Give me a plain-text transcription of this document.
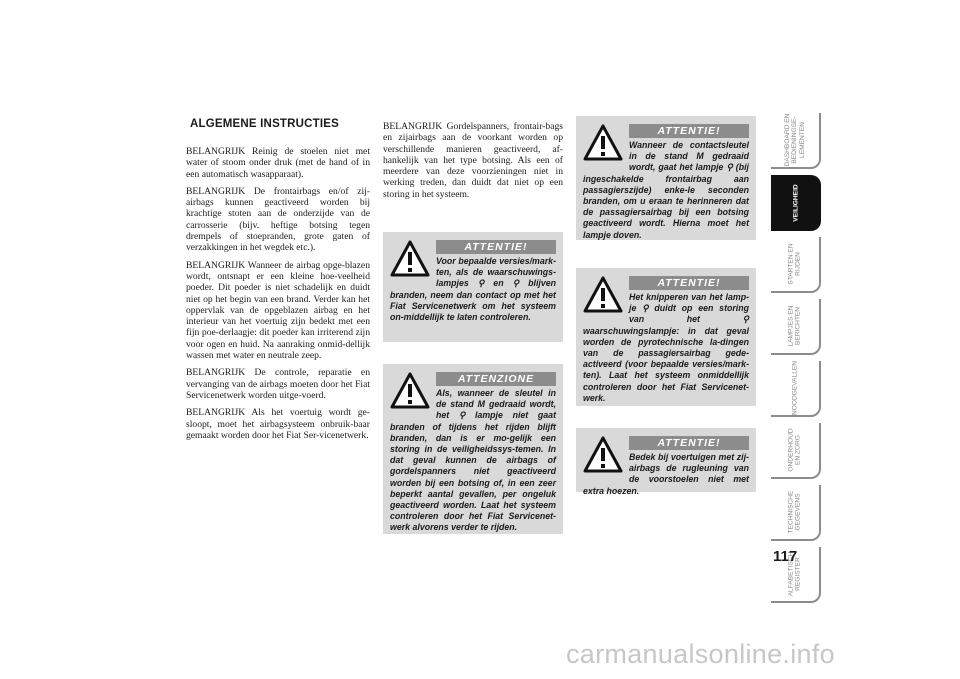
ALGEMENE INSTRUCTIES

BELANGRIJK Reinig de stoelen niet met water of stoom onder druk (met de hand of in een automatisch wasapparaat).

BELANGRIJK De frontairbags en/of zij-airbags kunnen geactiveerd worden bij krachtige stoten aan de onderzijde van de carrosserie (bijv. heftige botsing tegen drempels of stoepranden, grote gaten of verzakkingen in het wegdek etc.).

BELANGRIJK Wanneer de airbag opge-blazen wordt, ontsnapt er een kleine hoe-veelheid poeder. Dit poeder is niet schadelijk en duidt niet op het begin van een brand. Verder kan het oppervlak van de opgeblazen airbag en het interieur van het voertuig zijn bedekt met een fijn poe-derlaagje: dit poeder kan irriterend zijn voor ogen en huid. Na aanraking onmid-dellijk wassen met water en neutrale zeep.

BELANGRIJK De controle, reparatie en vervanging van de airbags moeten door het Fiat Servicenetwerk worden uitge-voerd.

BELANGRIJK Als het voertuig wordt ge-sloopt, moet het airbagsysteem onbruik-baar gemaakt worden door het Fiat Ser-vicenetwerk.

BELANGRIJK Gordelspanners, frontair-bags en zijairbags aan de voorkant worden op verschillende manieren geactiveerd, af-hankelijk van het type botsing. Als een of meerdere van deze voorzieningen niet in werking treden, dan duidt dat niet op een storing in het systeem.

ATTENTIE!
Voor bepaalde versies/mark-ten, als de waarschuwings-lampjes ⚲ en ⚲ blijven branden, neem dan contact op met het Fiat Servicenetwerk om het systeem on-middellijk te laten controleren.
ATTENZIONE
Als, wanneer de sleutel in de stand M gedraaid wordt, het ⚲ lampje niet gaat branden of tijdens het rijden blijft branden, dan is er mo-gelijk een storing in de veiligheidssys-temen. In dat geval kunnen de airbags of gordelspanners niet geactiveerd worden bij een botsing of, in een zeer beperkt aantal gevallen, per ongeluk geactiveerd worden. Laat het systeem controleren door het Fiat Servicenet-werk alvorens verder te rijden.
ATTENTIE!
Wanneer de contactsleutel in de stand M gedraaid wordt, gaat het lampje ⚲ (bij ingeschakelde frontairbag aan passagierszijde) enke-le seconden branden, om u eraan te herinneren dat de passagiersairbag bij een botsing geactiveerd wordt. Hierna moet het lampje doven.
ATTENTIE!
Het knipperen van het lamp-je ⚲ duidt op een storing van het ⚲ waarschuwingslampje: in dat geval worden de pyrotechnische la-dingen van de passagiersairbag gede-activeerd (voor bepaalde versies/mark-ten). Laat het systeem onmiddellijk controleren door het Fiat Servicenet-werk.
ATTENTIE!
Bedek bij voertuigen met zij-airbags de rugleuning van de voorstoelen niet met extra hoezen.
DASHBOARD EN
BEDIENINGSE-
LEMENTEN
VEILIGHEID
STARTEN EN
RIJDEN
LAMPJES EN
BERICHTEN
NOODGEVALLEN
ONDERHOUD
EN ZORG
TECHNISCHE
GEGEVENS
ALFABETISCH
REGISTER
117
carmanualsonline.info
